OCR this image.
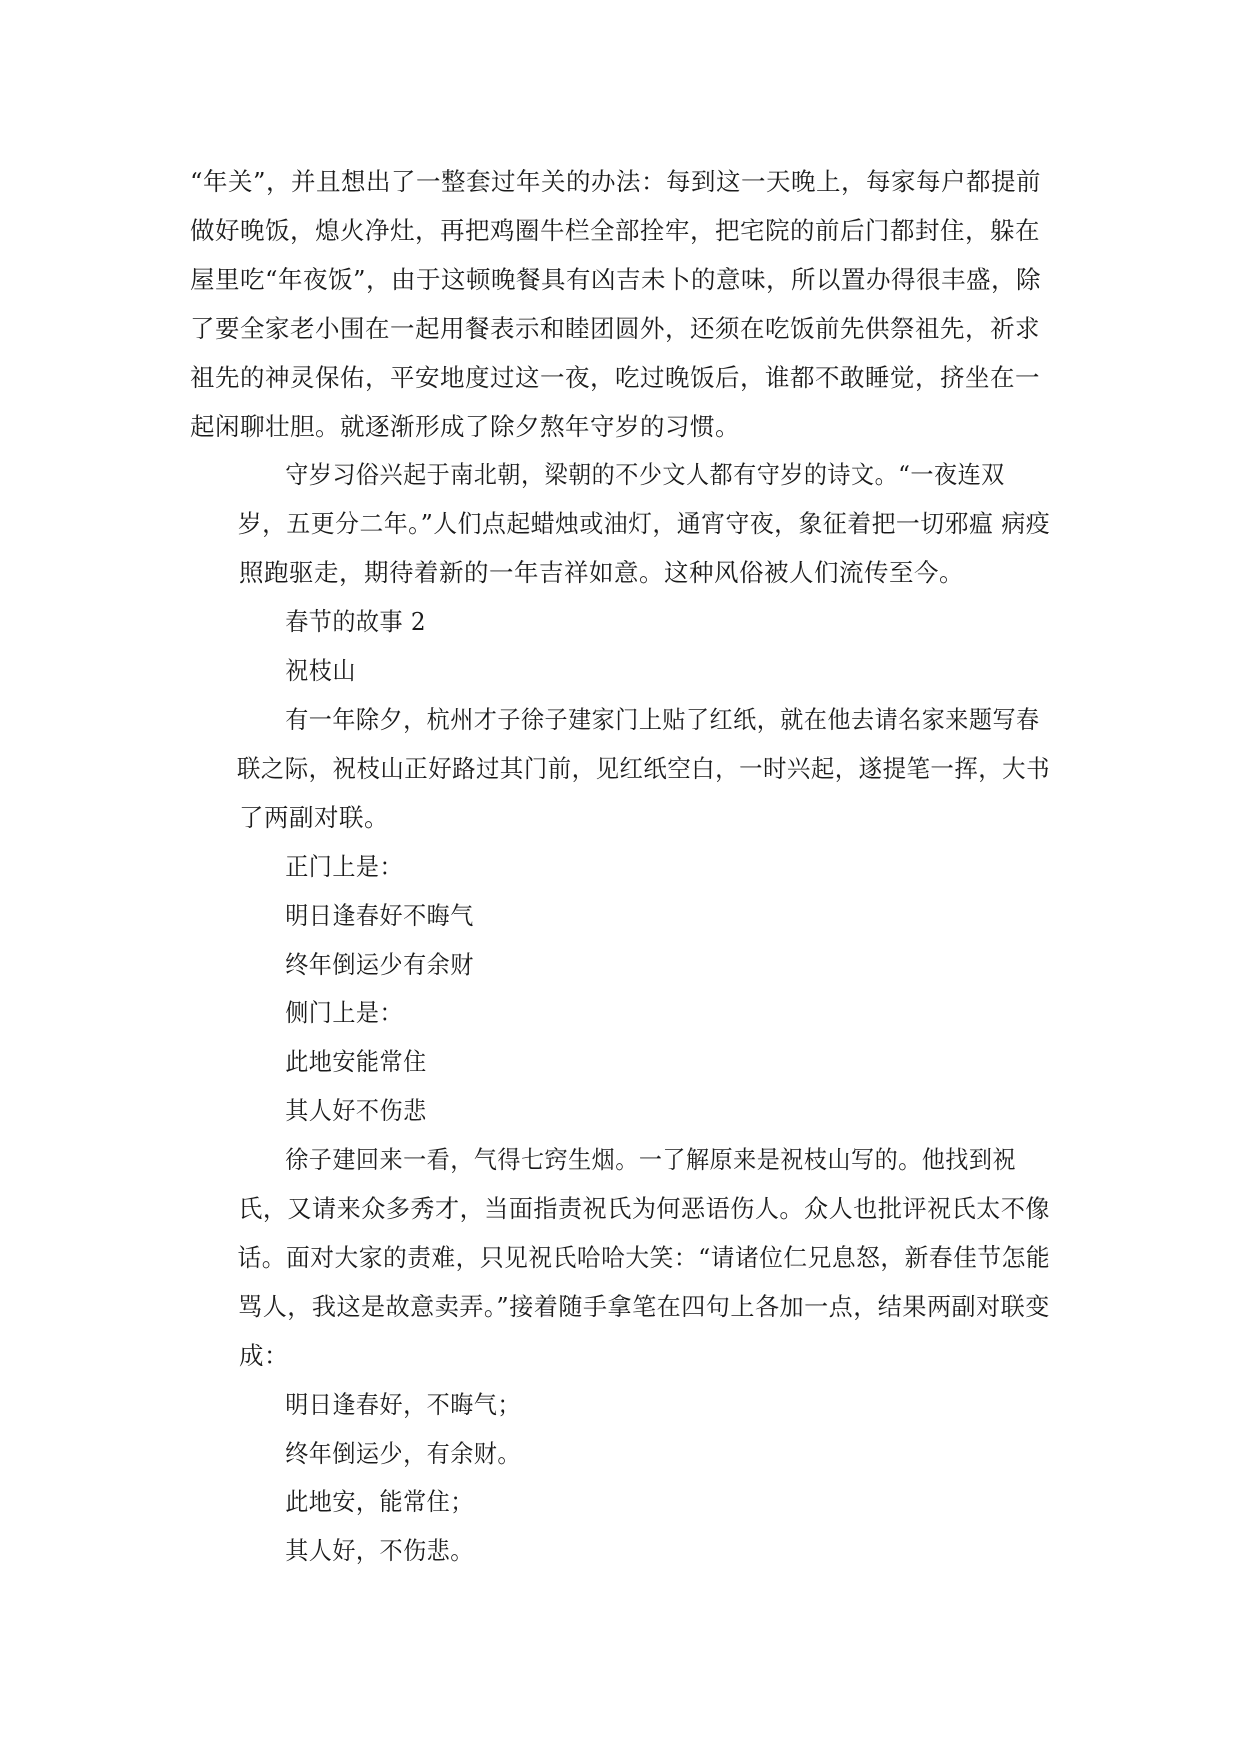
“年关”，并且想出了一整套过年关的办法：每到这一天晚上，每家每户都提前
做好晚饭，熄火净灶，再把鸡圈牛栏全部拴牢，把宅院的前后门都封住，躲在
屋里吃“年夜饭”，由于这顿晚餐具有凶吉未卜的意味，所以置办得很丰盛，除
了要全家老小围在一起用餐表示和睦团圆外，还须在吃饭前先供祭祖先，祈求
祖先的神灵保佑，平安地度过这一夜，吃过晚饭后，谁都不敢睡觉，挤坐在一
起闲聊壮胆。就逐渐形成了除夕熬年守岁的习惯。

守岁习俗兴起于南北朝，梁朝的不少文人都有守岁的诗文。“一夜连双岁，五更分二年。”人们点起蜡烛或油灯，通宵守夜，象征着把一切邪瘟 病疫
照跑驱走，期待着新的一年吉祥如意。这种风俗被人们流传至今。

春节的故事 2

祝枝山

有一年除夕，杭州才子徐子建家门上贴了红纸，就在他去请名家来题写春联之际，祝枝山正好路过其门前，见红纸空白，一时兴起，遂提笔一挥，大书
了两副对联。

正门上是：

明日逢春好不晦气

终年倒运少有余财

侧门上是：

此地安能常住

其人好不伤悲

徐子建回来一看，气得七窍生烟。一了解原来是祝枝山写的。他找到祝氏，又请来众多秀才，当面指责祝氏为何恶语伤人。众人也批评祝氏太不像话。面对大家的责难，只见祝氏哈哈大笑：“请诸位仁兄息怒，新春佳节怎能骂人，我这是故意卖弄。”接着随手拿笔在四句上各加一点，结果两副对联变
成：

明日逢春好，不晦气；

终年倒运少，有余财。

此地安，能常住；

其人好，不伤悲。
